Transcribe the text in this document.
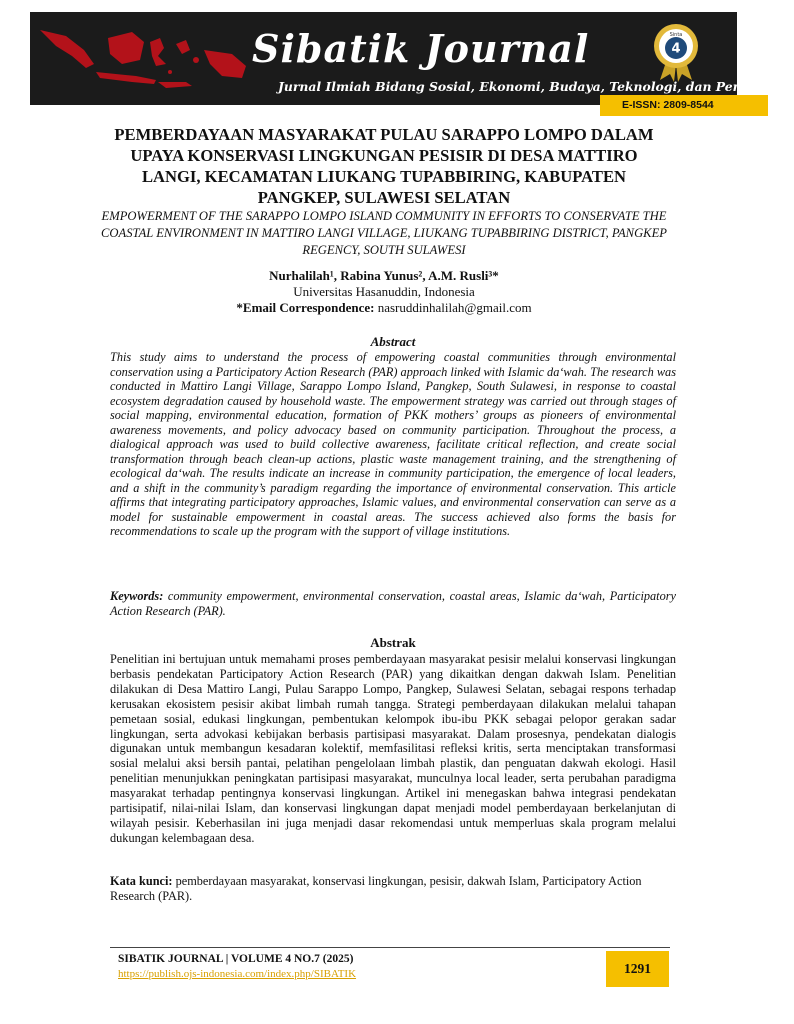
Sibatik Journal
Jurnal Ilmiah Bidang Sosial, Ekonomi, Budaya, Teknologi, dan Pendidikan
Sinta
4
E-ISSN: 2809-8544
PEMBERDAYAAN MASYARAKAT PULAU SARAPPO LOMPO DALAM UPAYA KONSERVASI LINGKUNGAN PESISIR DI DESA MATTIRO LANGI, KECAMATAN LIUKANG TUPABBIRING, KABUPATEN PANGKEP, SULAWESI SELATAN
EMPOWERMENT OF THE SARAPPO LOMPO ISLAND COMMUNITY IN EFFORTS TO CONSERVATE THE COASTAL ENVIRONMENT IN MATTIRO LANGI VILLAGE, LIUKANG TUPABBIRING DISTRICT, PANGKEP REGENCY, SOUTH SULAWESI
Nurhalilah¹, Rabina Yunus², A.M. Rusli³*
Universitas Hasanuddin, Indonesia
*Email Correspondence: nasruddinhalilah@gmail.com
Abstract
This study aims to understand the process of empowering coastal communities through environmental conservation using a Participatory Action Research (PAR) approach linked with Islamic da‘wah. The research was conducted in Mattiro Langi Village, Sarappo Lompo Island, Pangkep, South Sulawesi, in response to coastal ecosystem degradation caused by household waste. The empowerment strategy was carried out through stages of social mapping, environmental education, formation of PKK mothers’ groups as pioneers of environmental awareness movements, and policy advocacy based on community participation. Throughout the process, a dialogical approach was used to build collective awareness, facilitate critical reflection, and create social transformation through beach clean-up actions, plastic waste management training, and the strengthening of ecological da‘wah. The results indicate an increase in community participation, the emergence of local leaders, and a shift in the community’s paradigm regarding the importance of environmental conservation. This article affirms that integrating participatory approaches, Islamic values, and environmental conservation can serve as a model for sustainable empowerment in coastal areas. The success achieved also forms the basis for recommendations to scale up the program with the support of village institutions.
Keywords: community empowerment, environmental conservation, coastal areas, Islamic da‘wah, Participatory Action Research (PAR).
Abstrak
Penelitian ini bertujuan untuk memahami proses pemberdayaan masyarakat pesisir melalui konservasi lingkungan berbasis pendekatan Participatory Action Research (PAR) yang dikaitkan dengan dakwah Islam. Penelitian dilakukan di Desa Mattiro Langi, Pulau Sarappo Lompo, Pangkep, Sulawesi Selatan, sebagai respons terhadap kerusakan ekosistem pesisir akibat limbah rumah tangga. Strategi pemberdayaan dilakukan melalui tahapan pemetaan sosial, edukasi lingkungan, pembentukan kelompok ibu-ibu PKK sebagai pelopor gerakan sadar lingkungan, serta advokasi kebijakan berbasis partisipasi masyarakat. Dalam prosesnya, pendekatan dialogis digunakan untuk membangun kesadaran kolektif, memfasilitasi refleksi kritis, serta menciptakan transformasi sosial melalui aksi bersih pantai, pelatihan pengelolaan limbah plastik, dan penguatan dakwah ekologi. Hasil penelitian menunjukkan peningkatan partisipasi masyarakat, munculnya local leader, serta perubahan paradigma masyarakat terhadap pentingnya konservasi lingkungan. Artikel ini menegaskan bahwa integrasi pendekatan partisipatif, nilai-nilai Islam, dan konservasi lingkungan dapat menjadi model pemberdayaan berkelanjutan di wilayah pesisir. Keberhasilan ini juga menjadi dasar rekomendasi untuk memperluas skala program melalui dukungan kelembagaan desa.
Kata kunci: pemberdayaan masyarakat, konservasi lingkungan, pesisir, dakwah Islam, Participatory Action Research (PAR).
SIBATIK JOURNAL | VOLUME 4 NO.7 (2025)
https://publish.ojs-indonesia.com/index.php/SIBATIK	1291
